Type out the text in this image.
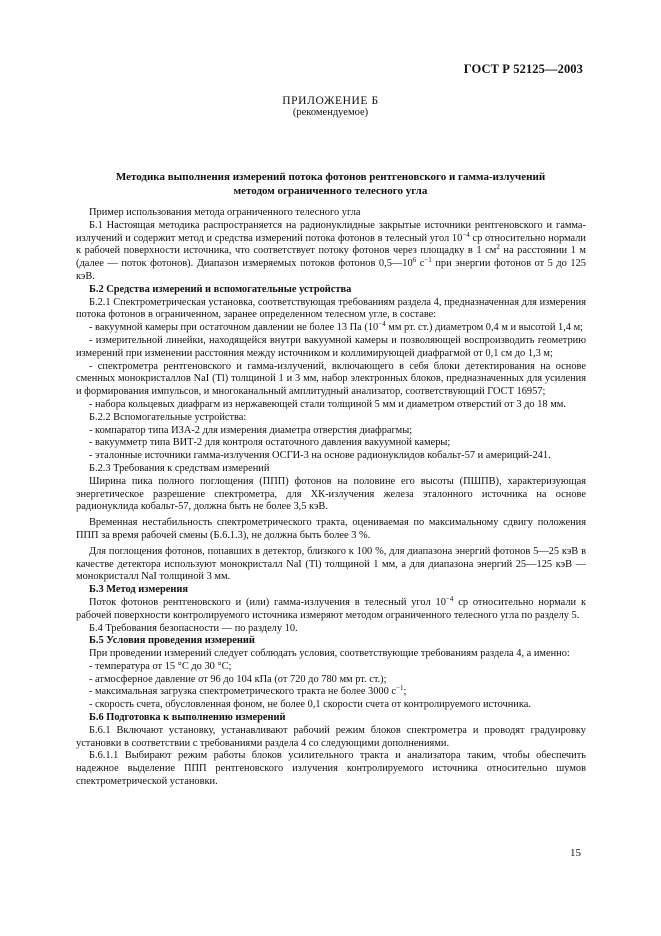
ГОСТ Р 52125—2003
ПРИЛОЖЕНИЕ Б
(рекомендуемое)
Методика выполнения измерений потока фотонов рентгеновского и гамма-излучений
методом ограниченного телесного угла

Пример использования метода ограниченного телесного угла

Б.1 Настоящая методика распространяется на радионуклидные закрытые источники рентгеновского и гамма-излучений и содержит метод и средства измерений потока фотонов в телесный угол $10^{-4}$ ср относительно нормали к рабочей поверхности источника, что соответствует потоку фотонов через площадку в 1 $см^2$ на расстоянии 1 м (далее — поток фотонов). Диапазон измеряемых потоков фотонов $0,5—10^6$ $с^{-1}$ при энергии фотонов от 5 до 125 кэВ.

Б.2 Средства измерений и вспомогательные устройства

Б.2.1 Спектрометрическая установка, соответствующая требованиям раздела 4, предназначенная для измерения потока фотонов в ограниченном, заранее определенном телесном угле, в составе:

- вакуумной камеры при остаточном давлении не более 13 Па ($10^{-4}$ мм рт. ст.) диаметром 0,4 м и высотой 1,4 м;

- измерительной линейки, находящейся внутри вакуумной камеры и позволяющей воспроизводить геометрию измерений при изменении расстояния между источником и коллимирующей диафрагмой от 0,1 см до 1,3 м;

- спектрометра рентгеновского и гамма-излучений, включающего в себя блоки детектирования на основе сменных монокристаллов NaI (Tl) толщиной 1 и 3 мм, набор электронных блоков, предназначенных для усиления и формирования импульсов, и многоканальный амплитудный анализатор, соответствующий ГОСТ 16957;

- набора кольцевых диафрагм из нержавеющей стали толщиной 5 мм и диаметром отверстий от 3 до 18 мм.

Б.2.2 Вспомогательные устройства:

- компаратор типа ИЗА-2 для измерения диаметра отверстия диафрагмы;

- вакуумметр типа ВИТ-2 для контроля остаточного давления вакуумной камеры;

- эталонные источники гамма-излучения ОСГИ-3 на основе радионуклидов кобальт-57 и америций-241.

Б.2.3 Требования к средствам измерений

Ширина пика полного поглощения (ППП) фотонов на половине его высоты (ПШПВ), характеризующая энергетическое разрешение спектрометра, для ХК-излучения железа эталонного источника на основе радионуклида кобальт-57, должна быть не более 3,5 кэВ.

Временная нестабильность спектрометрического тракта, оцениваемая по максимальному сдвигу положения ППП за время рабочей смены (Б.6.1.3), не должна быть более 3 %.

Для поглощения фотонов, попавших в детектор, близкого к 100 %, для диапазона энергий фотонов 5—25 кэВ в качестве детектора используют монокристалл NaI (Tl) толщиной 1 мм, а для диапазона энергий 25—125 кэВ — монокристалл NaI толщиной 3 мм.

Б.3 Метод измерения

Поток фотонов рентгеновского и (или) гамма-излучения в телесный угол $10^{-4}$ ср относительно нормали к рабочей поверхности контролируемого источника измеряют методом ограниченного телесного угла по разделу 5.

Б.4 Требования безопасности — по разделу 10.

Б.5 Условия проведения измерений

При проведении измерений следует соблюдать условия, соответствующие требованиям раздела 4, а именно:

- температура от 15 °С до 30 °С;

- атмосферное давление от 96 до 104 кПа (от 720 до 780 мм рт. ст.);

- максимальная загрузка спектрометрического тракта не более 3000 $с^{-1}$;

- скорость счета, обусловленная фоном, не более 0,1 скорости счета от контролируемого источника.

Б.6 Подготовка к выполнению измерений

Б.6.1 Включают установку, устанавливают рабочий режим блоков спектрометра и проводят градуировку установки в соответствии с требованиями раздела 4 со следующими дополнениями.

Б.6.1.1 Выбирают режим работы блоков усилительного тракта и анализатора таким, чтобы обеспечить надежное выделение ППП рентгеновского излучения контролируемого источника относительно шумов спектрометрической установки.

15
